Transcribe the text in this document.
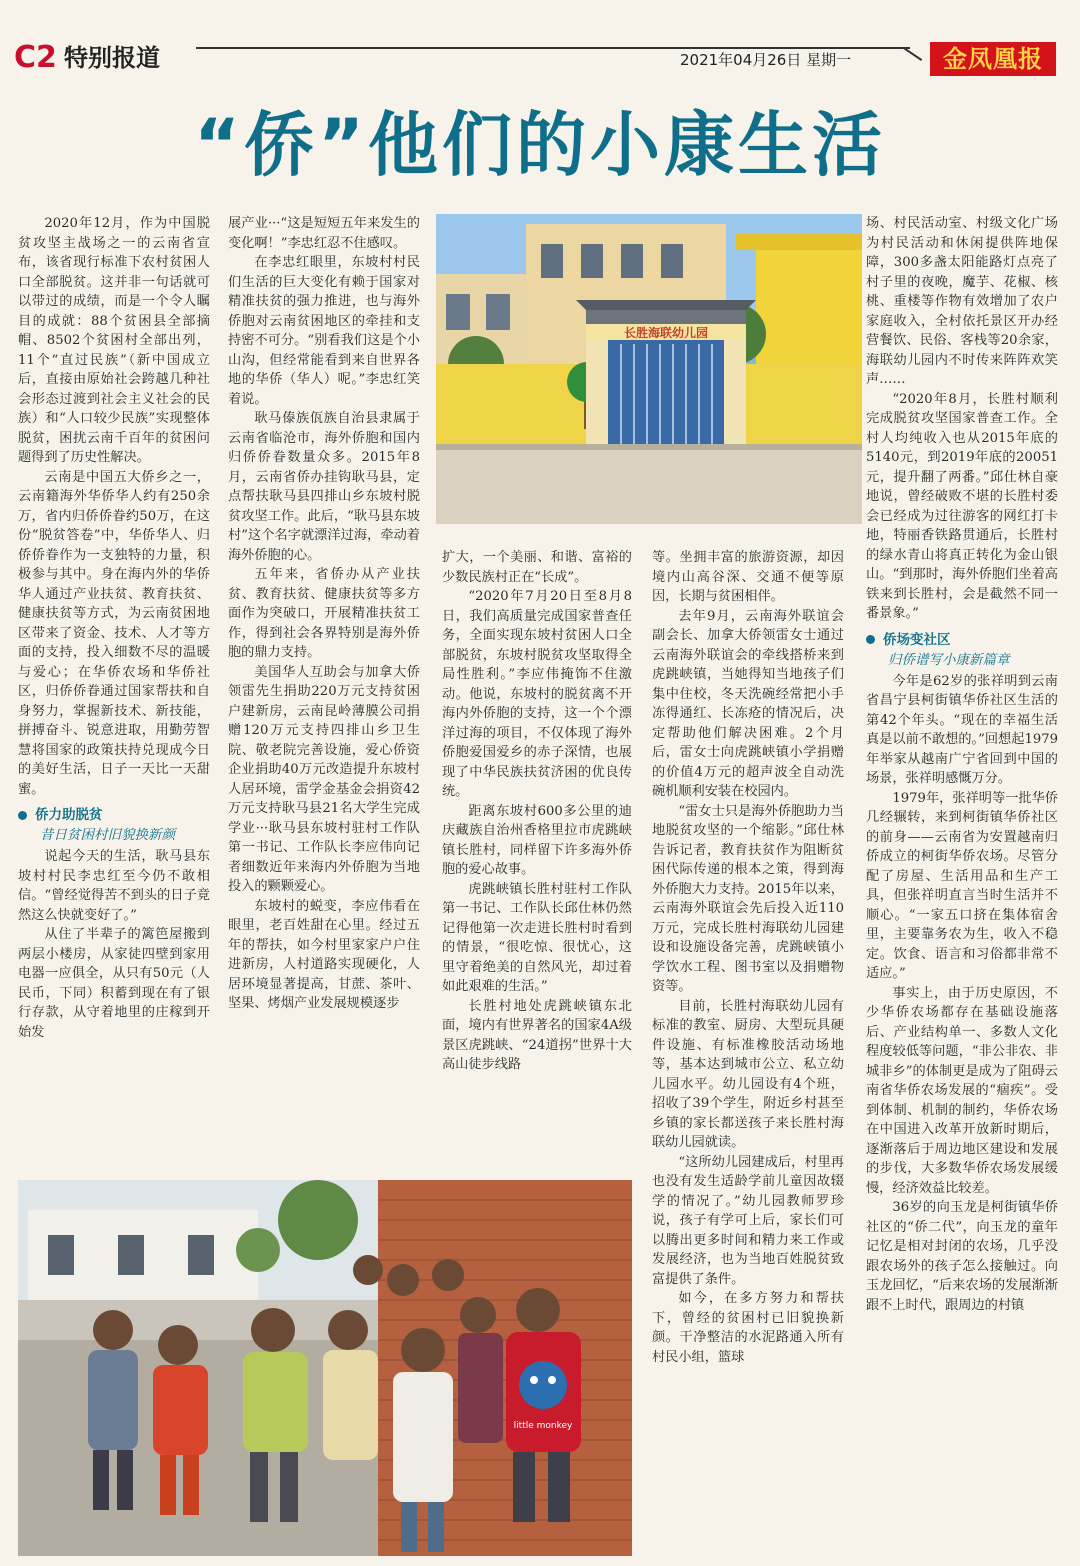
C2 特别报道	2021年04月26日 星期一	金凤凰报
“侨”他们的小康生活

2020年12月，作为中国脱贫攻坚主战场之一的云南省宣布，该省现行标准下农村贫困人口全部脱贫。这并非一句话就可以带过的成绩，而是一个令人瞩目的成就：88个贫困县全部摘帽、8502个贫困村全部出列，11个“直过民族”（新中国成立后，直接由原始社会跨越几种社会形态过渡到社会主义社会的民族）和“人口较少民族”实现整体脱贫，困扰云南千百年的贫困问题得到了历史性解决。

云南是中国五大侨乡之一，云南籍海外华侨华人约有250余万，省内归侨侨眷约50万，在这份“脱贫答卷”中，华侨华人、归侨侨眷作为一支独特的力量，积极参与其中。身在海内外的华侨华人通过产业扶贫、教育扶贫、健康扶贫等方式，为云南贫困地区带来了资金、技术、人才等方面的支持，投入细数不尽的温暖与爱心；在华侨农场和华侨社区，归侨侨眷通过国家帮扶和自身努力，掌握新技术、新技能，拼搏奋斗、锐意进取，用勤劳智慧将国家的政策扶持兑现成今日的美好生活，日子一天比一天甜蜜。

侨力助脱贫
昔日贫困村旧貌换新颜

说起今天的生活，耿马县东坡村村民李忠红至今仍不敢相信。“曾经觉得苦不到头的日子竟然这么快就变好了。”

从住了半辈子的篱笆屋搬到两层小楼房，从家徒四壁到家用电器一应俱全，从只有50元（人民币，下同）积蓄到现在有了银行存款，从守着地里的庄稼到开始发

展产业···“这是短短五年来发生的变化啊！”李忠红忍不住感叹。

在李忠红眼里，东坡村村民们生活的巨大变化有赖于国家对精准扶贫的强力推进，也与海外侨胞对云南贫困地区的牵挂和支持密不可分。“别看我们这是个小山沟，但经常能看到来自世界各地的华侨（华人）呢。”李忠红笑着说。

耿马傣族佤族自治县隶属于云南省临沧市，海外侨胞和国内归侨侨眷数量众多。2015年8月，云南省侨办挂钩耿马县，定点帮扶耿马县四排山乡东坡村脱贫攻坚工作。此后，“耿马县东坡村”这个名字就漂洋过海，牵动着海外侨胞的心。

五年来，省侨办从产业扶贫、教育扶贫、健康扶贫等多方面作为突破口，开展精准扶贫工作，得到社会各界特别是海外侨胞的鼎力支持。

美国华人互助会与加拿大侨领雷先生捐助220万元支持贫困户建新房，云南昆岭薄膜公司捐赠120万元支持四排山乡卫生院、敬老院完善设施，爱心侨资企业捐助40万元改造提升东坡村人居环境，雷学金基金会捐资42万元支持耿马县21名大学生完成学业···耿马县东坡村驻村工作队第一书记、工作队长李应伟向记者细数近年来海内外侨胞为当地投入的颗颗爱心。

东坡村的蜕变，李应伟看在眼里，老百姓甜在心里。经过五年的帮扶，如今村里家家户户住进新房，人村道路实现硬化，人居环境显著提高，甘蔗、茶叶、坚果、烤烟产业发展规模逐步

扩大，一个美丽、和谐、富裕的少数民族村正在“长成”。

“2020年7月20日至8月8日，我们高质量完成国家普查任务，全面实现东坡村贫困人口全部脱贫，东坡村脱贫攻坚取得全局性胜利。”李应伟掩饰不住激动。他说，东坡村的脱贫离不开海内外侨胞的支持，这一个个漂洋过海的项目，不仅体现了海外侨胞爱国爱乡的赤子深情，也展现了中华民族扶贫济困的优良传统。

距离东坡村600多公里的迪庆藏族自治州香格里拉市虎跳峡镇长胜村，同样留下许多海外侨胞的爱心故事。

虎跳峡镇长胜村驻村工作队第一书记、工作队长邱仕林仍然记得他第一次走进长胜村时看到的情景，“很吃惊、很忧心，这里守着绝美的自然风光，却过着如此艰难的生活。”

长胜村地处虎跳峡镇东北面，境内有世界著名的国家4A级景区虎跳峡、“24道拐”世界十大高山徒步线路

等。坐拥丰富的旅游资源，却因境内山高谷深、交通不便等原因，长期与贫困相伴。

去年9月，云南海外联谊会副会长、加拿大侨领雷女士通过云南海外联谊会的牵线搭桥来到虎跳峡镇，当她得知当地孩子们集中住校，冬天洗碗经常把小手冻得通红、长冻疮的情况后，决定帮助他们解决困难。2个月后，雷女士向虎跳峡镇小学捐赠的价值4万元的超声波全自动洗碗机顺利安装在校园内。

“雷女士只是海外侨胞助力当地脱贫攻坚的一个缩影。”邱仕林告诉记者，教育扶贫作为阻断贫困代际传递的根本之策，得到海外侨胞大力支持。2015年以来，云南海外联谊会先后投入近110万元，完成长胜村海联幼儿园建设和设施设备完善，虎跳峡镇小学饮水工程、图书室以及捐赠物资等。

目前，长胜村海联幼儿园有标准的教室、厨房、大型玩具硬件设施、有标准橡胶活动场地等，基本达到城市公立、私立幼儿园水平。幼儿园设有4个班，招收了39个学生，附近乡村甚至乡镇的家长都送孩子来长胜村海联幼儿园就读。

“这所幼儿园建成后，村里再也没有发生适龄学前儿童因故辍学的情况了。”幼儿园教师罗珍说，孩子有学可上后，家长们可以腾出更多时间和精力来工作或发展经济，也为当地百姓脱贫致富提供了条件。

如今，在多方努力和帮扶下，曾经的贫困村已旧貌换新颜。干净整洁的水泥路通入所有村民小组，篮球

场、村民活动室、村级文化广场为村民活动和休闲提供阵地保障，300多盏太阳能路灯点亮了村子里的夜晚，魔芋、花椒、核桃、重楼等作物有效增加了农户家庭收入，全村依托景区开办经营餐饮、民俗、客栈等20余家，海联幼儿园内不时传来阵阵欢笑声……

“2020年8月，长胜村顺利完成脱贫攻坚国家普查工作。全村人均纯收入也从2015年底的5140元，到2019年底的20051元，提升翻了两番。”邱仕林自豪地说，曾经破败不堪的长胜村委会已经成为过往游客的网红打卡地，特丽香铁路贯通后，长胜村的绿水青山将真正转化为金山银山。“到那时，海外侨胞们坐着高铁来到长胜村，会是截然不同一番景象。”

侨场变社区
归侨谱写小康新篇章

今年是62岁的张祥明到云南省昌宁县柯街镇华侨社区生活的第42个年头。“现在的幸福生活真是以前不敢想的。”回想起1979年举家从越南广宁省回到中国的场景，张祥明感慨万分。

1979年，张祥明等一批华侨几经辗转，来到柯街镇华侨社区的前身——云南省为安置越南归侨成立的柯街华侨农场。尽管分配了房屋、生活用品和生产工具，但张祥明直言当时生活并不顺心。“一家五口挤在集体宿舍里，主要靠务农为生，收入不稳定。饮食、语言和习俗都非常不适应。”

事实上，由于历史原因，不少华侨农场都存在基础设施落后、产业结构单一、多数人文化程度较低等问题，“非公非农、非城非乡”的体制更是成为了阻碍云南省华侨农场发展的“痼疾”。受到体制、机制的制约，华侨农场在中国进入改革开放新时期后，逐渐落后于周边地区建设和发展的步伐，大多数华侨农场发展缓慢，经济效益比较差。

36岁的向玉龙是柯街镇华侨社区的“侨二代”，向玉龙的童年记忆是相对封闭的农场，几乎没跟农场外的孩子怎么接触过。向玉龙回忆，“后来农场的发展渐渐跟不上时代，跟周边的村镇

长胜海联幼儿园
little monkey
